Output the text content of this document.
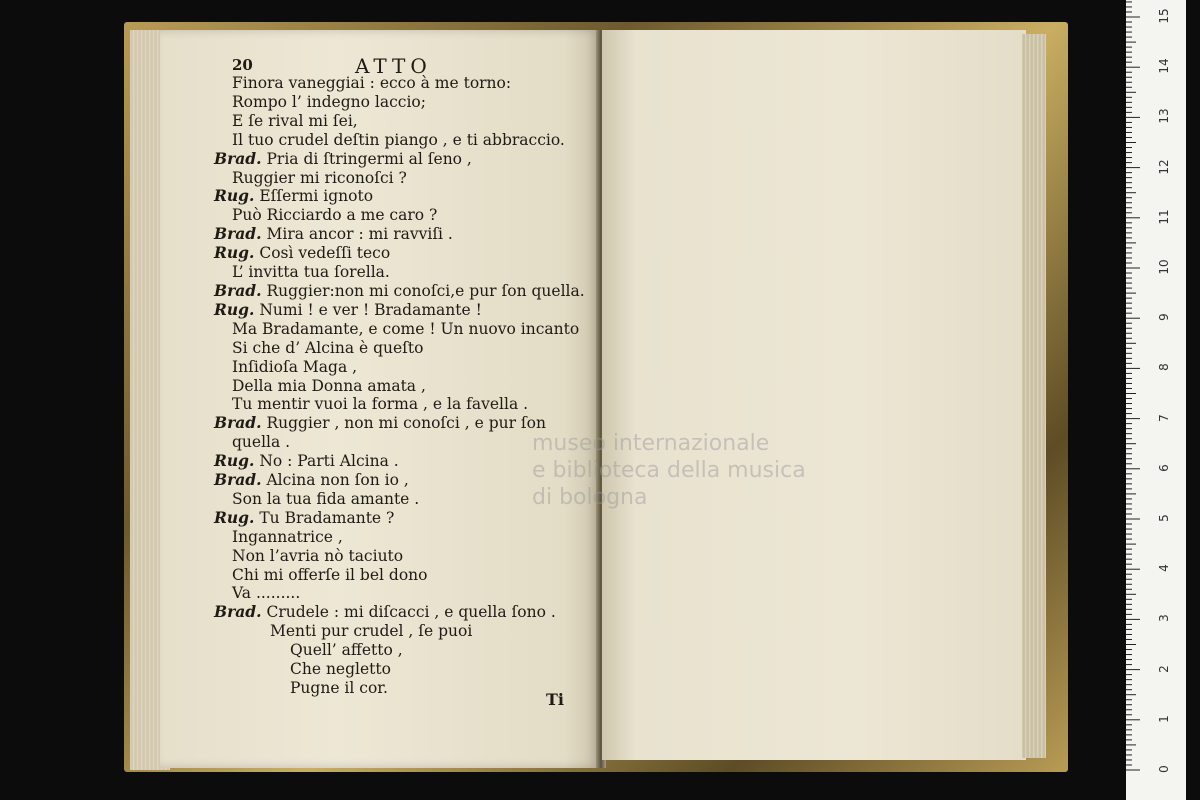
20	ATTO
Finora vaneggiai : ecco à me torno:
Rompo l’ indegno laccio;
E ſe rival mi ſei,
Il tuo crudel deſtin piango , e ti abbraccio.
Brad. Pria di ſtringermi al ſeno ,
Ruggier mi riconoſci ?
Rug. Eſſermi ignoto
Può Ricciardo a me caro ?
Brad. Mira ancor : mi ravviſi .
Rug. Così vedeſſi teco
L’ invitta tua ſorella.
Brad. Ruggier:non mi conoſci,e pur ſon quella.
Rug. Numi ! e ver ! Bradamante !
Ma Bradamante, e come ! Un nuovo incanto
Si che d’ Alcina è queſto
Inſidioſa Maga ,
Della mia Donna amata ,
Tu mentir vuoi la forma , e la favella .
Brad. Ruggier , non mi conoſci , e pur ſon
quella .
Rug. No : Parti Alcina .
Brad. Alcina non ſon io ,
Son la tua fida amante .
Rug. Tu Bradamante ?
Ingannatrice ,
Non l’avria nò taciuto
Chi mi offerſe il bel dono
Va .........
Brad. Crudele : mi diſcacci , e quella ſono .
Menti pur crudel , ſe puoi
Quell’ affetto ,
Che negletto
Pugne il cor.
Ti
museo internazionale
e biblioteca della musica
di bologna
0
1
2
3
4
5
6
7
8
9
10
11
12
13
14
15
